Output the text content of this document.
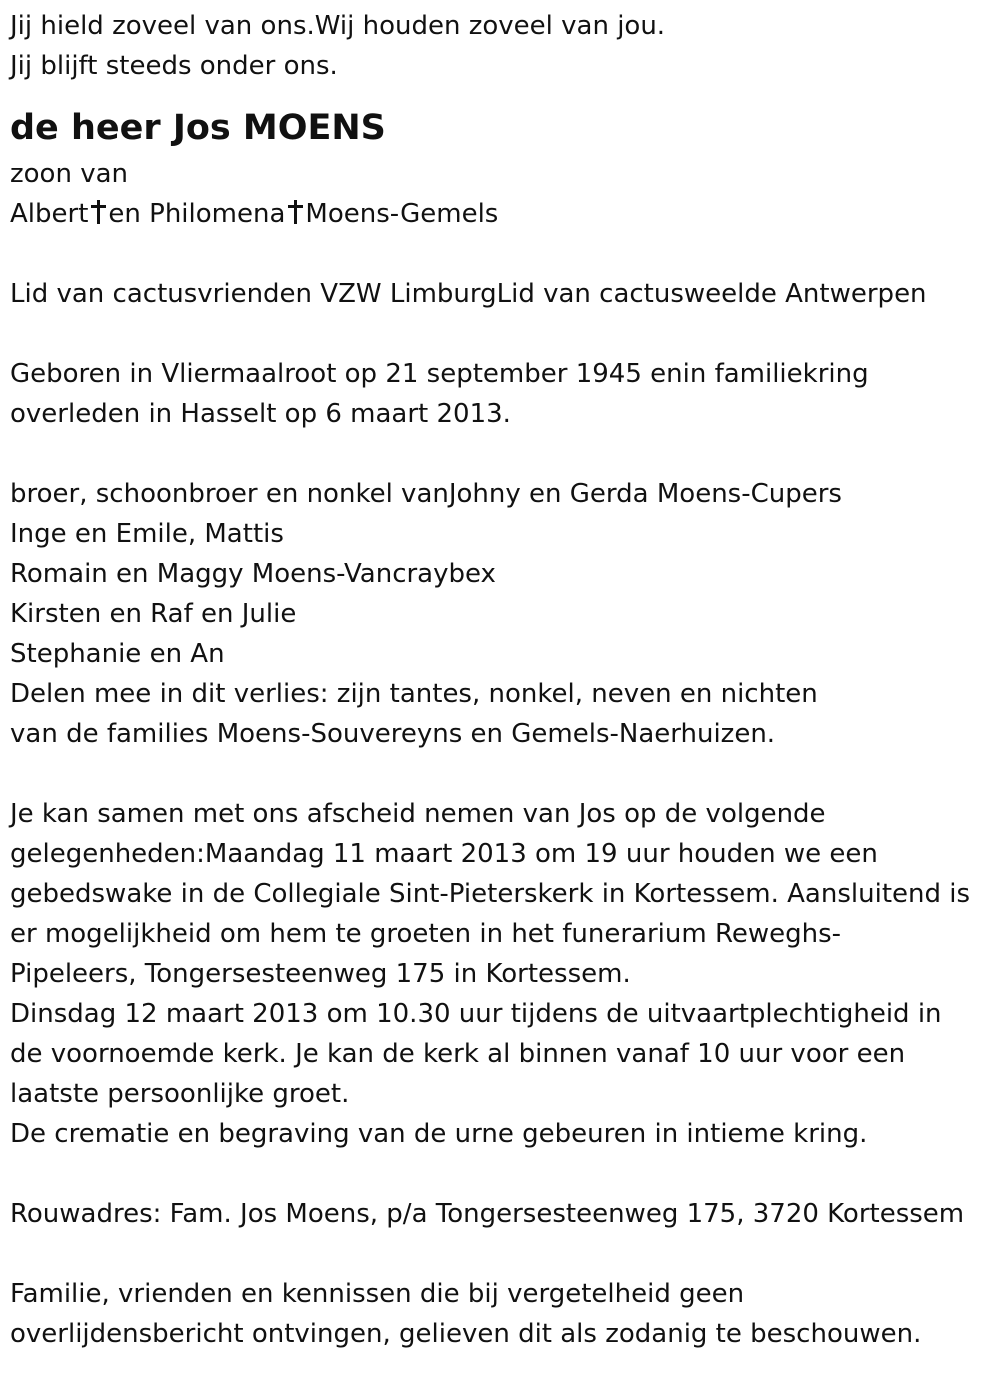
Jij hield zoveel van ons.Wij houden zoveel van jou.

Jij blijft steeds onder ons.

de heer Jos MOENS

zoon van

Albert en Philomena Moens-Gemels

Lid van cactusvrienden VZW LimburgLid van cactusweelde Antwerpen

Geboren in Vliermaalroot op 21 september 1945 enin familiekring

overleden in Hasselt op 6 maart 2013.

broer, schoonbroer en nonkel vanJohny en Gerda Moens-Cupers

Inge en Emile, Mattis

Romain en Maggy Moens-Vancraybex

Kirsten en Raf en Julie

Stephanie en An

Delen mee in dit verlies: zijn tantes, nonkel, neven en nichten

van de families Moens-Souvereyns en Gemels-Naerhuizen.

Je kan samen met ons afscheid nemen van Jos op de volgende

gelegenheden:Maandag 11 maart 2013 om 19 uur houden we een

gebedswake in de Collegiale Sint-Pieterskerk in Kortessem. Aansluitend is

er mogelijkheid om hem te groeten in het funerarium Reweghs-

Pipeleers, Tongersesteenweg 175 in Kortessem.

Dinsdag 12 maart 2013 om 10.30 uur tijdens de uitvaartplechtigheid in

de voornoemde kerk. Je kan de kerk al binnen vanaf 10 uur voor een

laatste persoonlijke groet.

De crematie en begraving van de urne gebeuren in intieme kring.

Rouwadres: Fam. Jos Moens, p/a Tongersesteenweg 175, 3720 Kortessem

Familie, vrienden en kennissen die bij vergetelheid geen

overlijdensbericht ontvingen, gelieven dit als zodanig te beschouwen.
